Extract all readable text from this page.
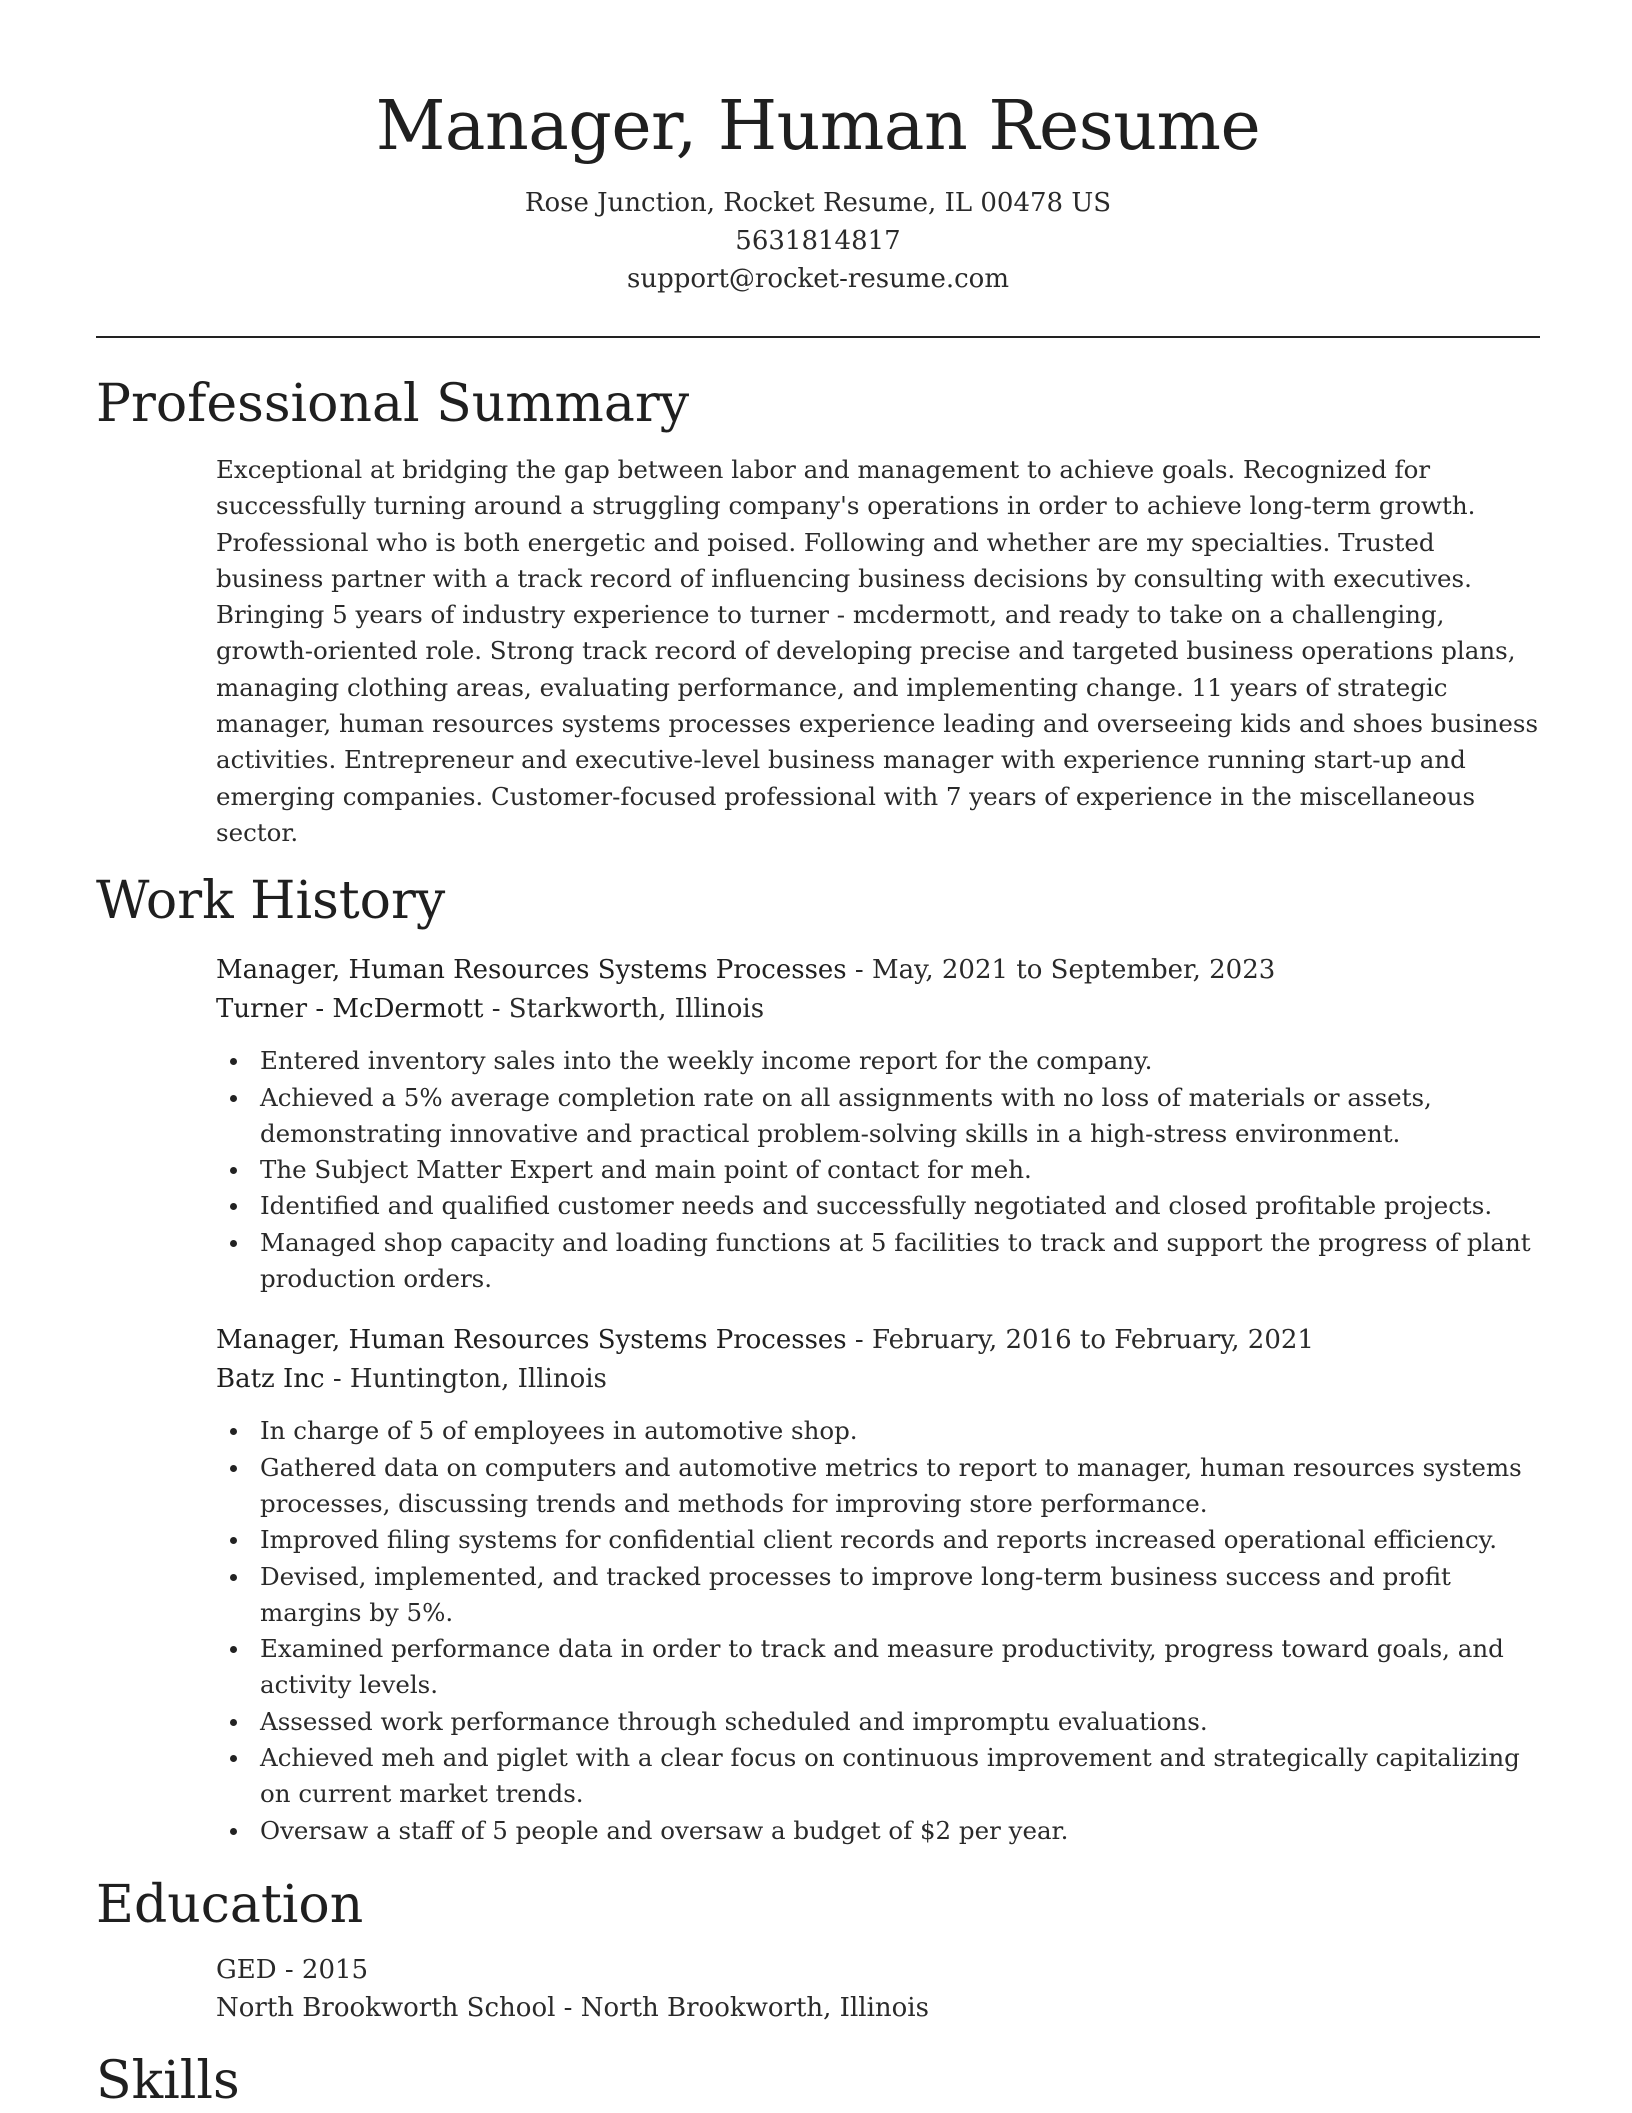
Manager, Human Resume
Rose Junction, Rocket Resume, IL 00478 US
5631814817
support@rocket-resume.com
Professional Summary
Exceptional at bridging the gap between labor and management to achieve goals. Recognized for successfully turning around a struggling company's operations in order to achieve long-term growth. Professional who is both energetic and poised. Following and whether are my specialties. Trusted business partner with a track record of influencing business decisions by consulting with executives. Bringing 5 years of industry experience to turner - mcdermott, and ready to take on a challenging, growth-oriented role. Strong track record of developing precise and targeted business operations plans, managing clothing areas, evaluating performance, and implementing change. 11 years of strategic manager, human resources systems processes experience leading and overseeing kids and shoes business activities. Entrepreneur and executive-level business manager with experience running start-up and emerging companies. Customer-focused professional with 7 years of experience in the miscellaneous sector.
Work History
Manager, Human Resources Systems Processes - May, 2021 to September, 2023
Turner - McDermott - Starkworth, Illinois
Entered inventory sales into the weekly income report for the company.
Achieved a 5% average completion rate on all assignments with no loss of materials or assets, demonstrating innovative and practical problem-solving skills in a high-stress environment.
The Subject Matter Expert and main point of contact for meh.
Identified and qualified customer needs and successfully negotiated and closed profitable projects.
Managed shop capacity and loading functions at 5 facilities to track and support the progress of plant production orders.
Manager, Human Resources Systems Processes - February, 2016 to February, 2021
Batz Inc - Huntington, Illinois
In charge of 5 of employees in automotive shop.
Gathered data on computers and automotive metrics to report to manager, human resources systems processes, discussing trends and methods for improving store performance.
Improved filing systems for confidential client records and reports increased operational efficiency.
Devised, implemented, and tracked processes to improve long-term business success and profit margins by 5%.
Examined performance data in order to track and measure productivity, progress toward goals, and activity levels.
Assessed work performance through scheduled and impromptu evaluations.
Achieved meh and piglet with a clear focus on continuous improvement and strategically capitalizing on current market trends.
Oversaw a staff of 5 people and oversaw a budget of $2 per year.
Education
GED - 2015
North Brookworth School - North Brookworth, Illinois
Skills
